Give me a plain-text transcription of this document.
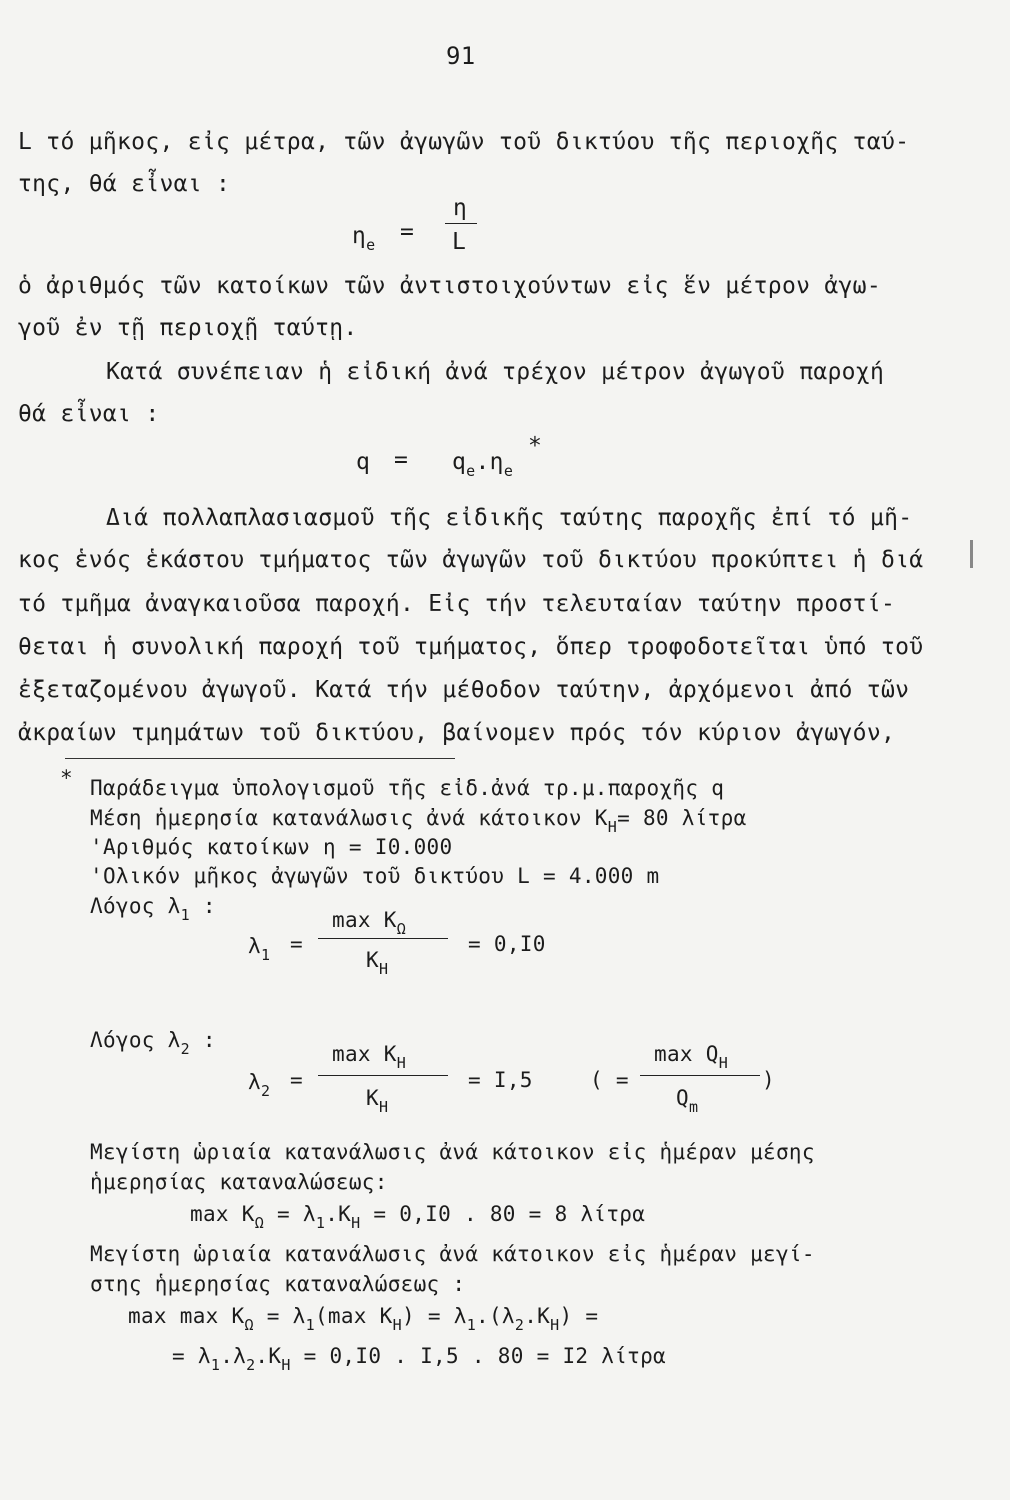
91
L τό μῆκος, εἰς μέτρα, τῶν ἀγωγῶν τοῦ δικτύου τῆς περιοχῆς ταύ-
της, θά εἶναι :
$\eta_e$ =
η
L
ὁ ἀριθμός τῶν κατοίκων τῶν ἀντιστοιχούντων εἰς ἕν μέτρον ἀγω-
γοῦ ἐν τῇ περιοχῇ ταύτῃ.
Κατά συνέπειαν ἡ εἰδική ἀνά τρέχον μέτρον ἀγωγοῦ παροχή
θά εἶναι :
$q = q_e.\eta_e$
*
Διά πολλαπλασιασμοῦ τῆς εἰδικῆς ταύτης παροχῆς ἐπί τό μῆ-
κος ἑνός ἑκάστου τμήματος τῶν ἀγωγῶν τοῦ δικτύου προκύπτει ἡ διά
τό τμῆμα ἀναγκαιοῦσα παροχή. Εἰς τήν τελευταίαν ταύτην προστί-
θεται ἡ συνολική παροχή τοῦ τμήματος, ὅπερ τροφοδοτεῖται ὑπό τοῦ
ἐξεταζομένου ἀγωγοῦ. Κατά τήν μέθοδον ταύτην, ἀρχόμενοι ἀπό τῶν
ἀκραίων τμημάτων τοῦ δικτύου, βαίνομεν πρός τόν κύριον ἀγωγόν,
* Παράδειγμα ὑπολογισμοῦ τῆς εἰδ.ἀνά τρ.μ.παροχῆς q
Μέση ἡμερησία κατανάλωσις ἀνά κάτοικον $K_H= 80$ λίτρα
'Αριθμός κατοίκων η = Ι0.000
'Ολικόν μῆκος ἀγωγῶν τοῦ δικτύου L = 4.000 m
Λόγος $\lambda_1$ :
$\lambda_1$ =
$\max K_\Omega$
$K_H$
= 0,Ι0
Λόγος $\lambda_2$ :
$\lambda_2$ =
$\max K_H$
$K_H$
= Ι,5	( =
$\max Q_H$
$Q_m$
)
Μεγίστη ὡριαία κατανάλωσις ἀνά κάτοικον εἰς ἡμέραν μέσης
ἡμερησίας καταναλώσεως:
$\max K_\Omega = \lambda_1.K_H = 0,I0$ . 80 = 8 λίτρα
Μεγίστη ὡριαία κατανάλωσις ἀνά κάτοικον εἰς ἡμέραν μεγί-
στης ἡμερησίας καταναλώσεως :
$\max \max K_\Omega = \lambda_1(\max$ $K_H) = \lambda_1.(\lambda_2.K_H)$ =
= $\lambda_1.\lambda_2.K_H = 0,I0$ . Ι,5 . 80 = Ι2 λίτρα
